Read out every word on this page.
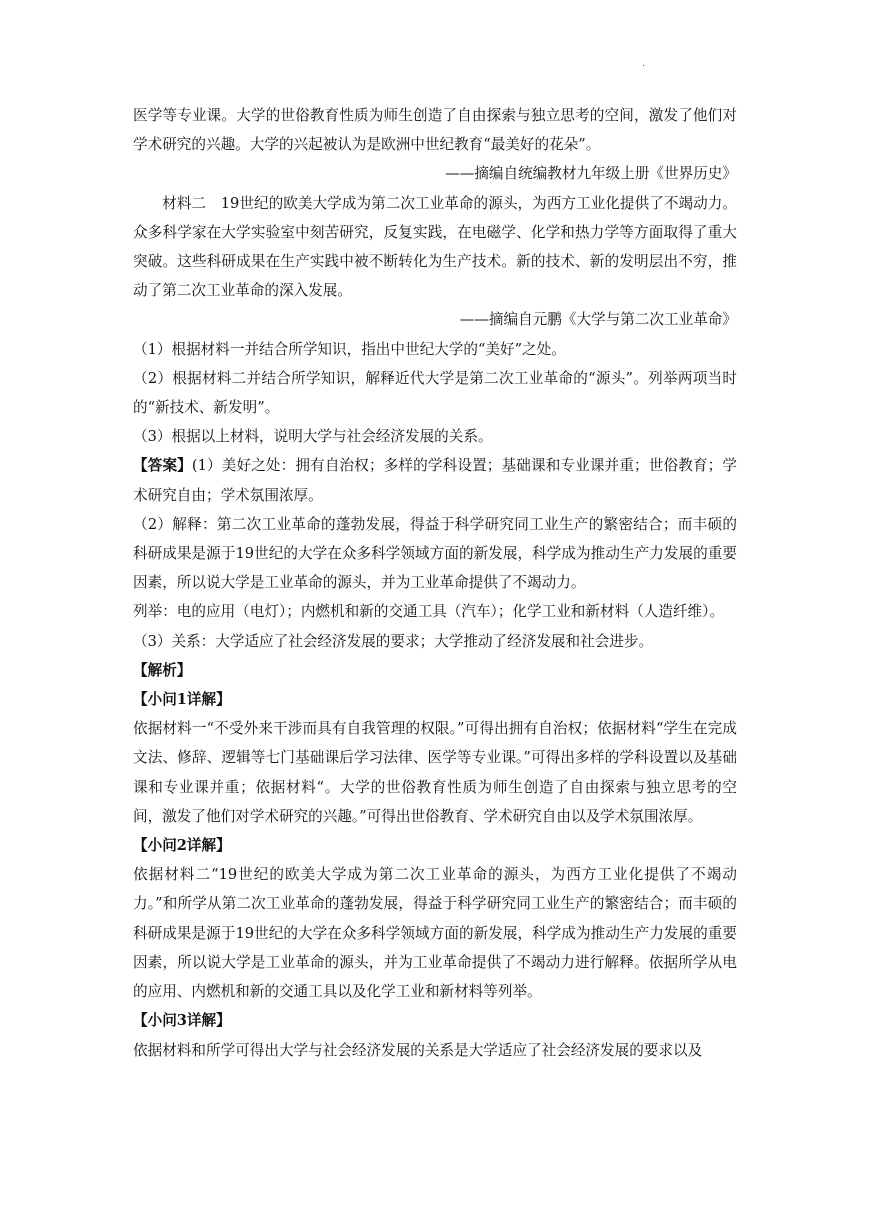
.

医学等专业课。大学的世俗教育性质为师生创造了自由探索与独立思考的空间，激发了他们对学术研究的兴趣。大学的兴起被认为是欧洲中世纪教育“最美好的花朵”。

——摘编自统编教材九年级上册《世界历史》

材料二　19世纪的欧美大学成为第二次工业革命的源头，为西方工业化提供了不竭动力。众多科学家在大学实验室中刻苦研究，反复实践，在电磁学、化学和热力学等方面取得了重大突破。这些科研成果在生产实践中被不断转化为生产技术。新的技术、新的发明层出不穷，推动了第二次工业革命的深入发展。

——摘编自元鹏《大学与第二次工业革命》

（1）根据材料一并结合所学知识，指出中世纪大学的“美好”之处。

（2）根据材料二并结合所学知识，解释近代大学是第二次工业革命的“源头”。列举两项当时的“新技术、新发明”。

（3）根据以上材料，说明大学与社会经济发展的关系。

【答案】(1）美好之处：拥有自治权；多样的学科设置；基础课和专业课并重；世俗教育；学术研究自由；学术氛围浓厚。

（2）解释：第二次工业革命的蓬勃发展，得益于科学研究同工业生产的繁密结合；而丰硕的科研成果是源于19世纪的大学在众多科学领域方面的新发展，科学成为推动生产力发展的重要因素，所以说大学是工业革命的源头，并为工业革命提供了不竭动力。

列举：电的应用（电灯）；内燃机和新的交通工具（汽车）；化学工业和新材料（人造纤维）。

（3）关系：大学适应了社会经济发展的要求；大学推动了经济发展和社会进步。

【解析】

【小问1详解】

依据材料一“不受外来干涉而具有自我管理的权限。”可得出拥有自治权；依据材料“学生在完成文法、修辞、逻辑等七门基础课后学习法律、医学等专业课。”可得出多样的学科设置以及基础课和专业课并重；依据材料“。大学的世俗教育性质为师生创造了自由探索与独立思考的空间，激发了他们对学术研究的兴趣。”可得出世俗教育、学术研究自由以及学术氛围浓厚。

【小问2详解】

依据材料二“19世纪的欧美大学成为第二次工业革命的源头，为西方工业化提供了不竭动力。”和所学从第二次工业革命的蓬勃发展，得益于科学研究同工业生产的繁密结合；而丰硕的科研成果是源于19世纪的大学在众多科学领域方面的新发展，科学成为推动生产力发展的重要因素，所以说大学是工业革命的源头，并为工业革命提供了不竭动力进行解释。依据所学从电的应用、内燃机和新的交通工具以及化学工业和新材料等列举。

【小问3详解】

依据材料和所学可得出大学与社会经济发展的关系是大学适应了社会经济发展的要求以及
